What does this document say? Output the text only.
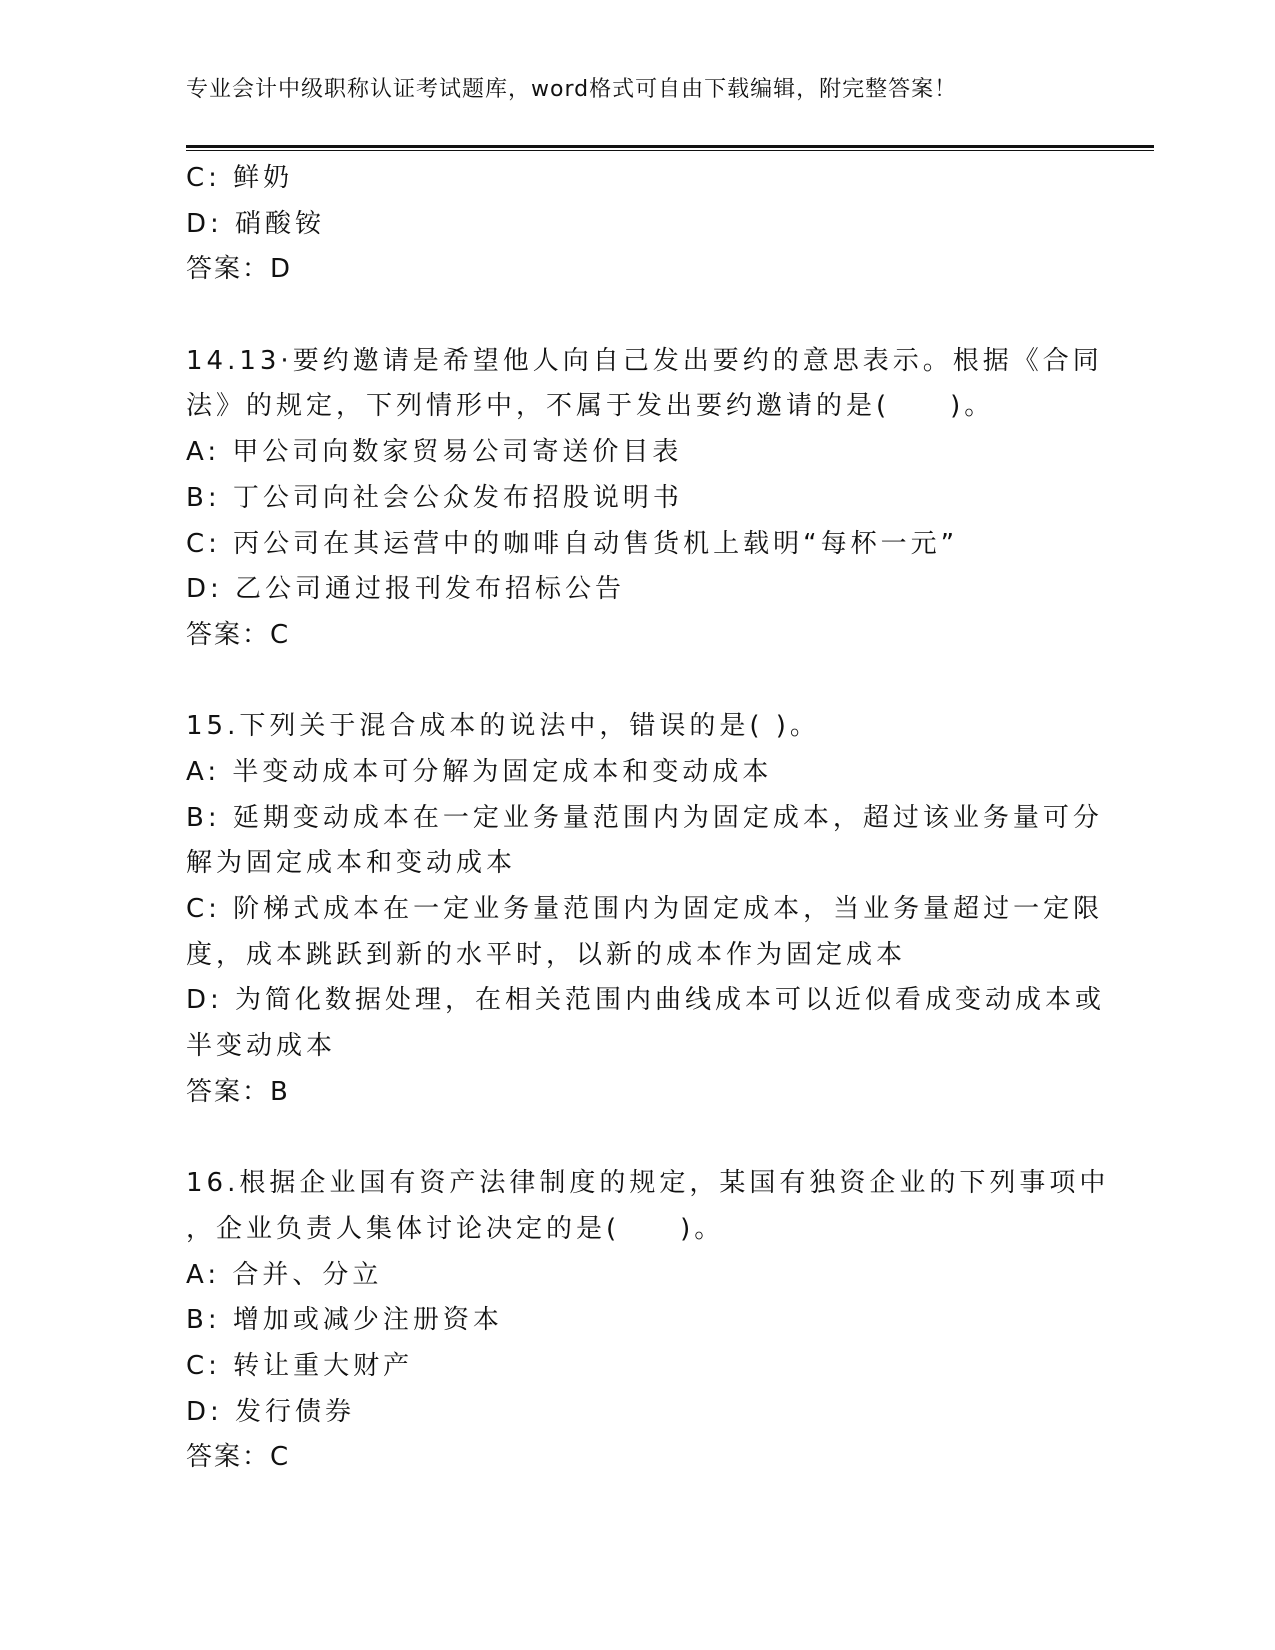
专业会计中级职称认证考试题库，word格式可自由下载编辑，附完整答案！
C: 鲜奶
D: 硝酸铵
答案：D
14.13·要约邀请是希望他人向自己发出要约的意思表示。根据《合同
法》的规定，下列情形中，不属于发出要约邀请的是(　　)。
A: 甲公司向数家贸易公司寄送价目表
B: 丁公司向社会公众发布招股说明书
C: 丙公司在其运营中的咖啡自动售货机上载明“每杯一元”
D: 乙公司通过报刊发布招标公告
答案：C
15.下列关于混合成本的说法中，错误的是( )。
A: 半变动成本可分解为固定成本和变动成本
B: 延期变动成本在一定业务量范围内为固定成本，超过该业务量可分
解为固定成本和变动成本
C: 阶梯式成本在一定业务量范围内为固定成本，当业务量超过一定限
度，成本跳跃到新的水平时，以新的成本作为固定成本
D: 为简化数据处理，在相关范围内曲线成本可以近似看成变动成本或
半变动成本
答案：B
16.根据企业国有资产法律制度的规定，某国有独资企业的下列事项中
，企业负责人集体讨论决定的是(　　)。
A: 合并、分立
B: 增加或减少注册资本
C: 转让重大财产
D: 发行债券
答案：C
